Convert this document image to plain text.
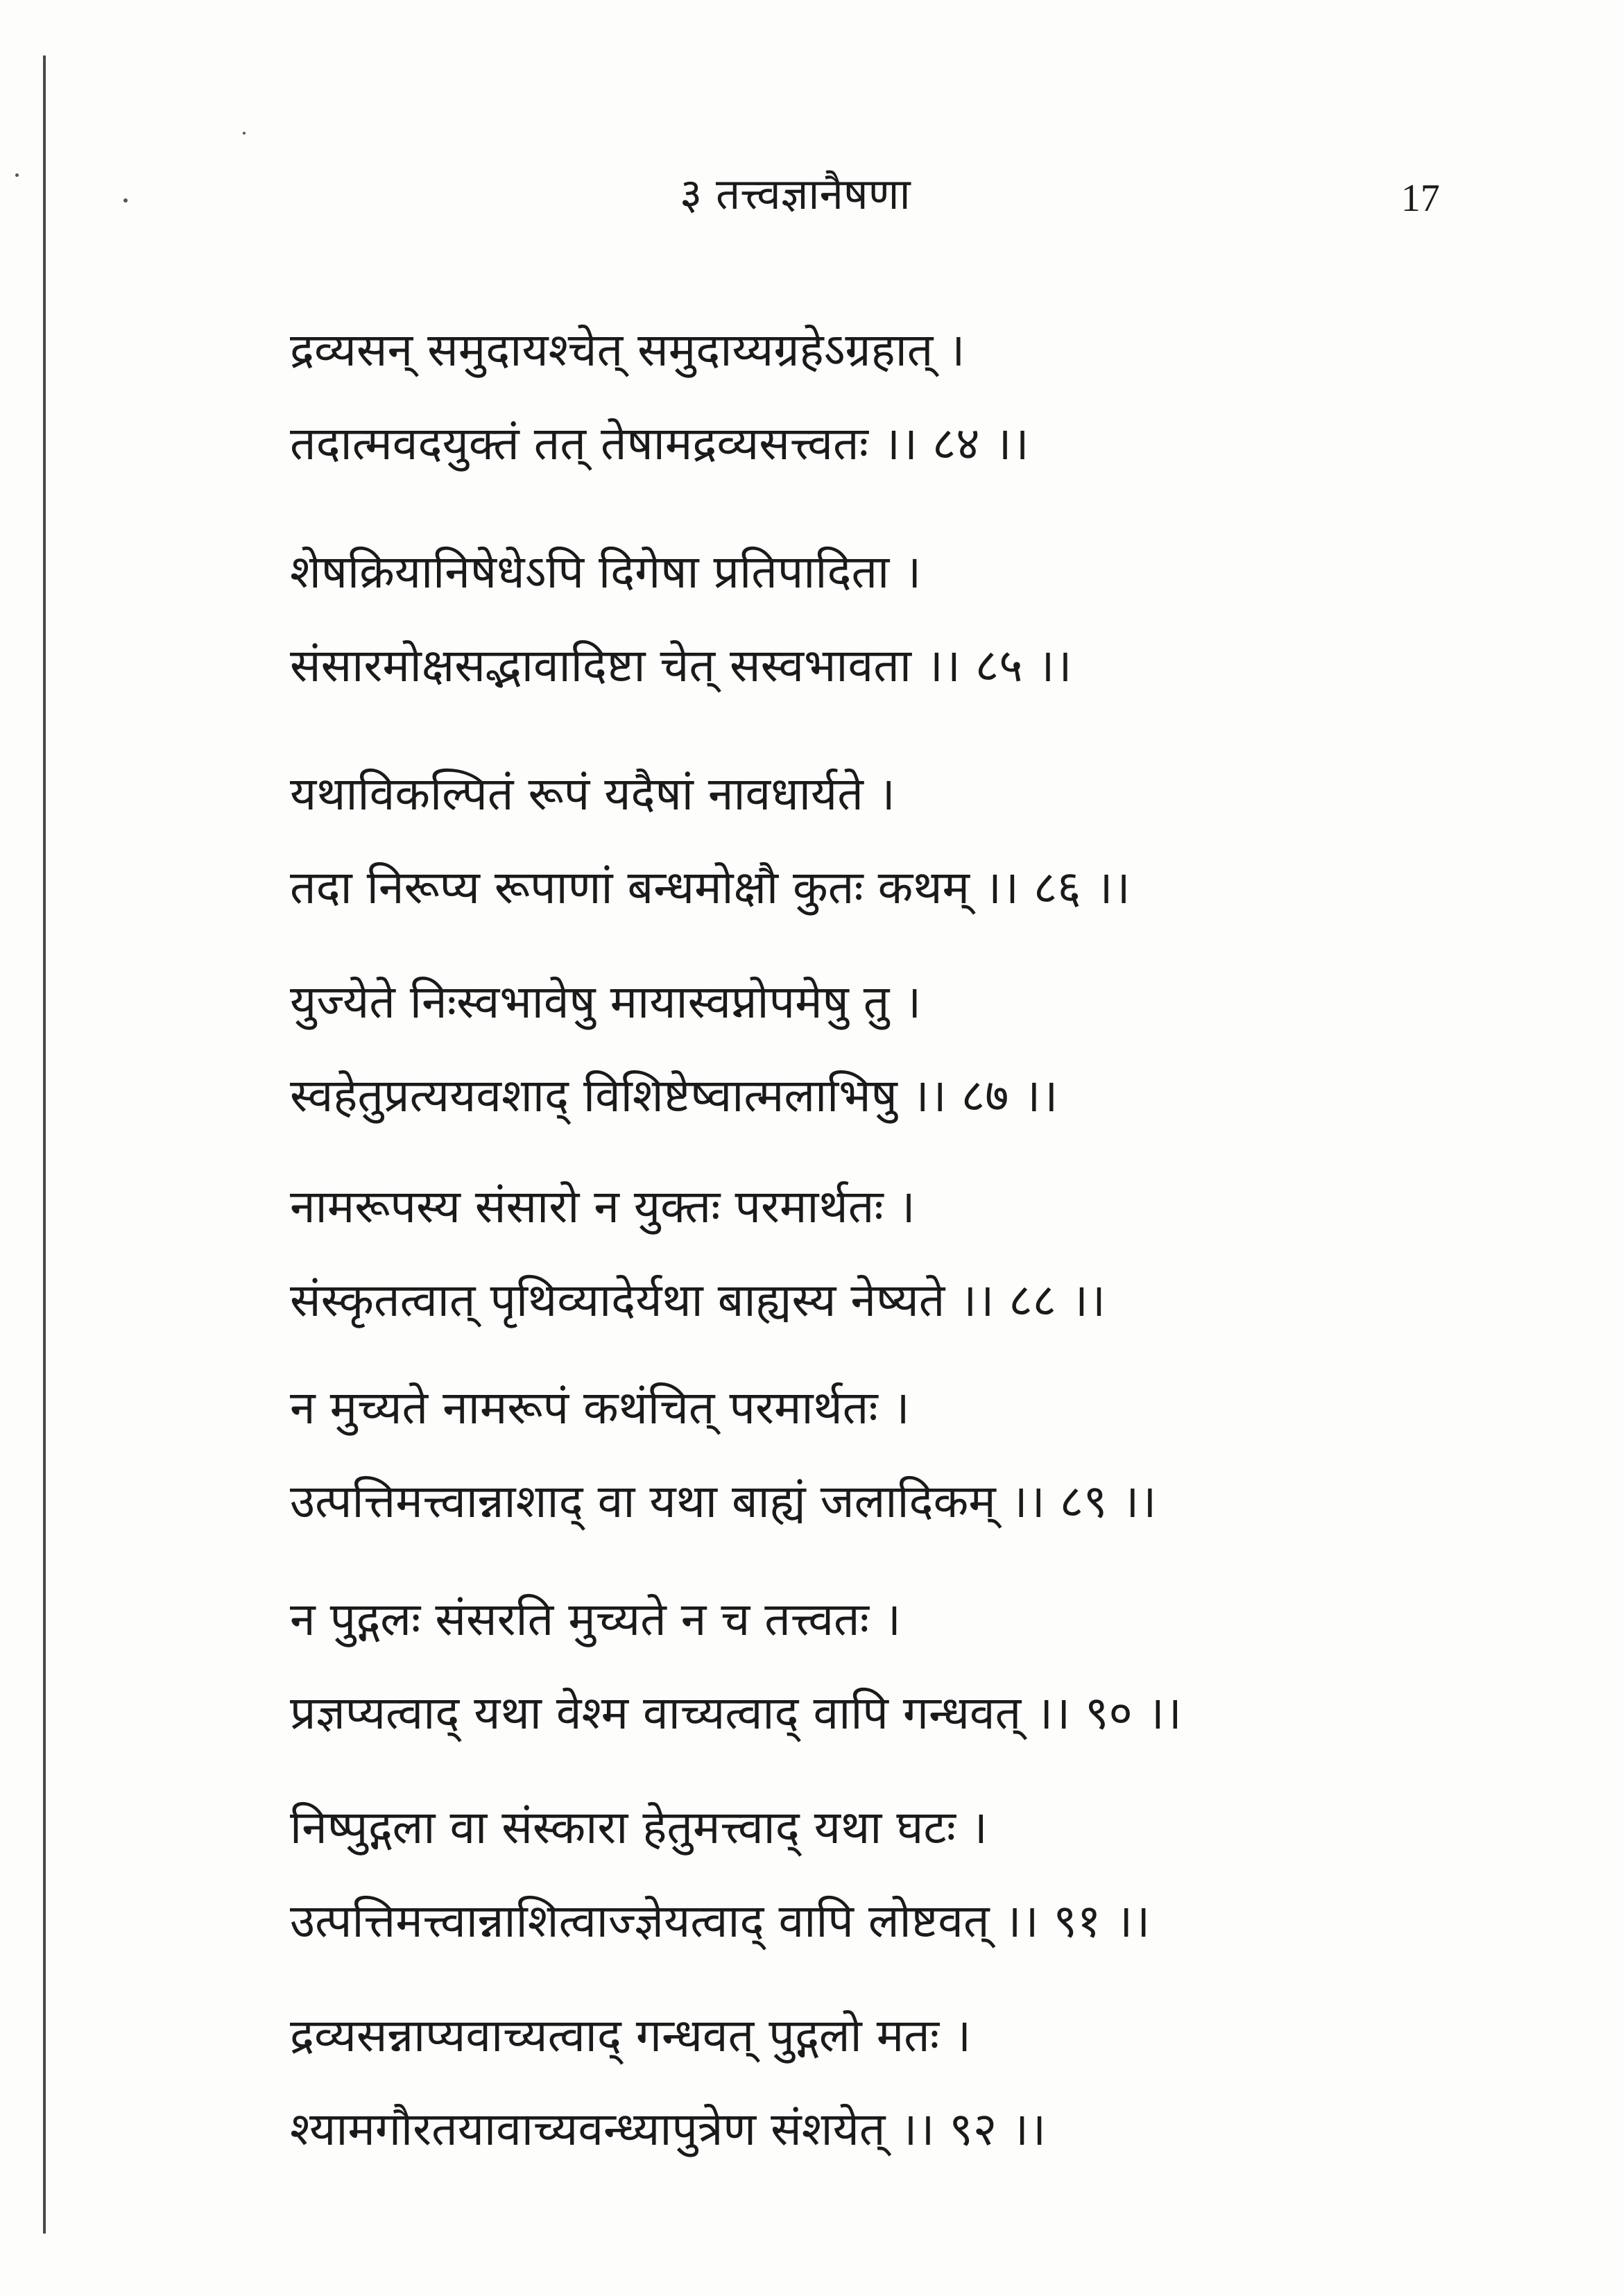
३ तत्त्वज्ञानैषणा	17
द्रव्यसन् समुदायश्चेत् समुदाय्यग्रहेऽग्रहात् ।
तदात्मवदयुक्तं तत् तेषामद्रव्यसत्त्वतः ।। ८४ ।।
शेषक्रियानिषेधेऽपि दिगेषा प्रतिपादिता ।
संसारमोक्षसद्भावादिष्टा चेत् सस्वभावता ।। ८५ ।।
यथाविकल्पितं रूपं यदैषां नावधार्यते ।
तदा निरूप्य रूपाणां बन्धमोक्षौ कुतः कथम् ।। ८६ ।।
युज्येते निःस्वभावेषु मायास्वप्नोपमेषु तु ।
स्वहेतुप्रत्ययवशाद् विशिष्टेष्वात्मलाभिषु ।। ८७ ।।
नामरूपस्य संसारो न युक्तः परमार्थतः ।
संस्कृतत्वात् पृथिव्यादेर्यथा बाह्यस्य नेष्यते ।। ८८ ।।
न मुच्यते नामरूपं कथंचित् परमार्थतः ।
उत्पत्तिमत्त्वान्नाशाद् वा यथा बाह्यं जलादिकम् ।। ८९ ।।
न पुद्गलः संसरति मुच्यते न च तत्त्वतः ।
प्रज्ञप्यत्वाद् यथा वेश्म वाच्यत्वाद् वापि गन्धवत् ।। ९० ।।
निष्पुद्गला वा संस्कारा हेतुमत्त्वाद् यथा घटः ।
उत्पत्तिमत्त्वान्नाशित्वाज्ज्ञेयत्वाद् वापि लोष्टवत् ।। ९१ ।।
द्रव्यसन्नाप्यवाच्यत्वाद् गन्धवत् पुद्गलो मतः ।
श्यामगौरतयावाच्यवन्ध्यापुत्रेण संशयेत् ।। ९२ ।।
